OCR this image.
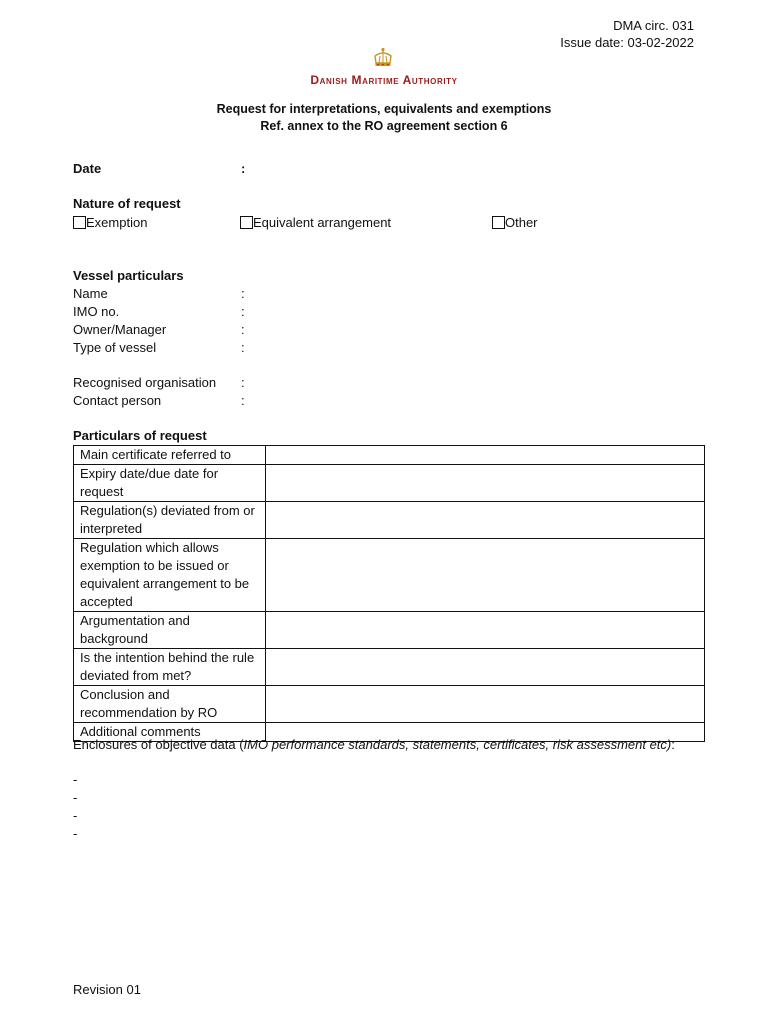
DMA circ. 031
Issue date: 03-02-2022
Danish Maritime Authority
Request for interpretations, equivalents and exemptions
Ref. annex to the RO agreement section 6
Date	:
Nature of request
Exemption	Equivalent arrangement	Other
Vessel particulars
Name	:
IMO no.	:
Owner/Manager	:
Type of vessel	:
Recognised organisation :
Contact person	:
Particulars of request
Main certificate referred to	
Expiry date/due date for request	
Regulation(s) deviated from or interpreted	
Regulation which allows exemption to be issued or equivalent arrangement to be accepted	
Argumentation and background	
Is the intention behind the rule deviated from met?	
Conclusion and recommendation by RO	
Additional comments	
Enclosures of objective data (IMO performance standards, statements, certificates, risk assessment etc):
-
-
-
-
Revision 01
